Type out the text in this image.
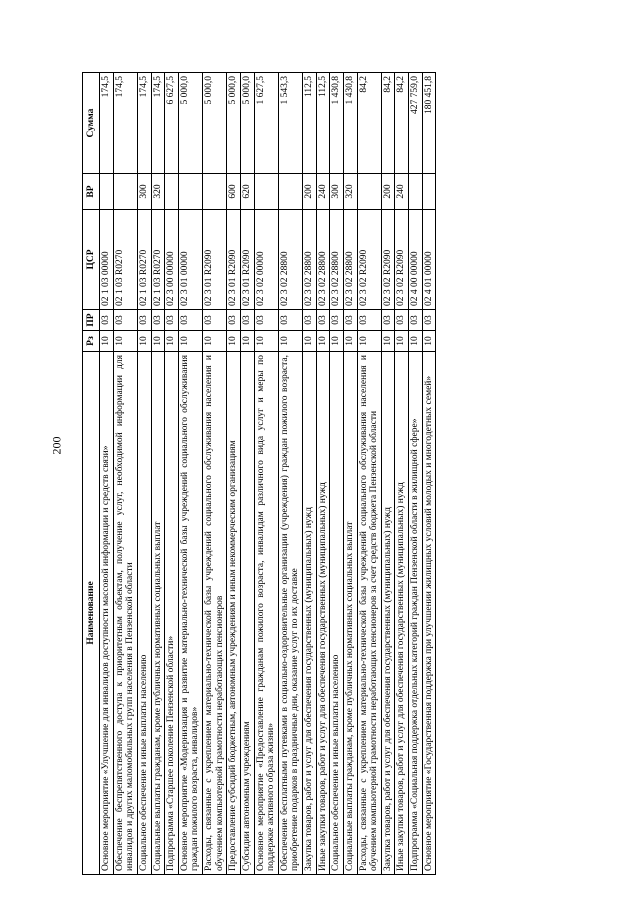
200
Наименование	Рз	ПР	ЦСР	ВР	Сумма
Основное мероприятие «Улучшение для инвалидов доступности массовой информации и средств связи»	10	03	02 1 03 00000		174,5
Обеспечение беспрепятственного доступа к приоритетным объектам, получение услуг, необходимой информации для инвалидов и других маломобильных групп населения в Пензенской области	10	03	02 1 03 R0270		174,5
Социальное обеспечение и иные выплаты населению	10	03	02 1 03 R0270	300	174,5
Социальные выплаты гражданам, кроме публичных нормативных социальных выплат	10	03	02 1 03 R0270	320	174,5
Подпрограмма «Старшее поколение Пензенской области»	10	03	02 3 00 00000		6 627,5
Основное мероприятие «Модернизация и развитие материально-технической базы учреждений социального обслуживания граждан пожилого возраста, инвалидов»	10	03	02 3 01 00000		5 000,0
Расходы, связанные с укреплением материально-технической базы учреждений социального обслуживания населения и обучением компьютерной грамотности неработающих пенсионеров	10	03	02 3 01 R2090		5 000,0
Предоставление субсидий бюджетным, автономным учреждениям и иным некоммерческим организациям	10	03	02 3 01 R2090	600	5 000,0
Субсидии автономным учреждениям	10	03	02 3 01 R2090	620	5 000,0
Основное мероприятие «Предоставление гражданам пожилого возраста, инвалидам различного вида услуг и меры по поддержке активного образа жизни»	10	03	02 3 02 00000		1 627,5
Обеспечение бесплатными путевками в социально-оздоровительные организации (учреждения) граждан пожилого возраста, приобретение подарков в праздничные дни, оказание услуг по их доставке	10	03	02 3 02 28800		1 543,3
Закупка товаров, работ и услуг для обеспечения государственных (муниципальных) нужд	10	03	02 3 02 28800	200	112,5
Иные закупки товаров, работ и услуг для обеспечения государственных (муниципальных) нужд	10	03	02 3 02 28800	240	112,5
Социальное обеспечение и иные выплаты населению	10	03	02 3 02 28800	300	1 430,8
Социальные выплаты гражданам, кроме публичных нормативных социальных выплат	10	03	02 3 02 28800	320	1 430,8
Расходы, связанные с укреплением материально-технической базы учреждений социального обслуживания населения и обучением компьютерной грамотности неработающих пенсионеров за счет средств бюджета Пензенской области	10	03	02 3 02 R2090		84,2
Закупка товаров, работ и услуг для обеспечения государственных (муниципальных) нужд	10	03	02 3 02 R2090	200	84,2
Иные закупки товаров, работ и услуг для обеспечения государственных (муниципальных) нужд	10	03	02 3 02 R2090	240	84,2
Подпрограмма «Социальная поддержка отдельных категорий граждан Пензенской области в жилищной сфере»	10	03	02 4 00 00000		427 759,0
Основное мероприятие «Государственная поддержка при улучшении жилищных условий молодых и многодетных семей»	10	03	02 4 01 00000		180 451,8
